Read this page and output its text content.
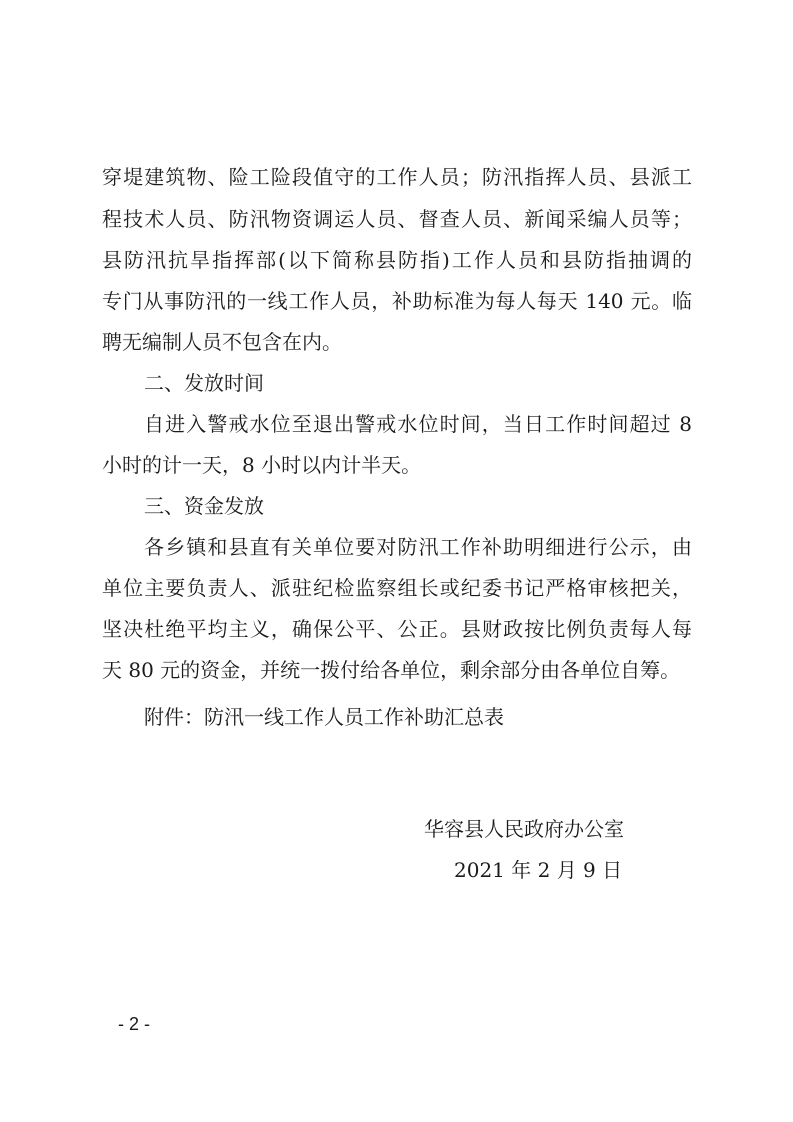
穿堤建筑物、险工险段值守的工作人员；防汛指挥人员、县派工
程技术人员、防汛物资调运人员、督查人员、新闻采编人员等；
县防汛抗旱指挥部(以下简称县防指)工作人员和县防指抽调的
专门从事防汛的一线工作人员，补助标准为每人每天 140 元。临
聘无编制人员不包含在内。
二、发放时间
自进入警戒水位至退出警戒水位时间，当日工作时间超过 8
小时的计一天，8 小时以内计半天。
三、资金发放
各乡镇和县直有关单位要对防汛工作补助明细进行公示，由
单位主要负责人、派驻纪检监察组长或纪委书记严格审核把关，
坚决杜绝平均主义，确保公平、公正。县财政按比例负责每人每
天 80 元的资金，并统一拨付给各单位，剩余部分由各单位自筹。
附件：防汛一线工作人员工作补助汇总表
华容县人民政府办公室
2021 年 2 月 9 日
- 2 -
